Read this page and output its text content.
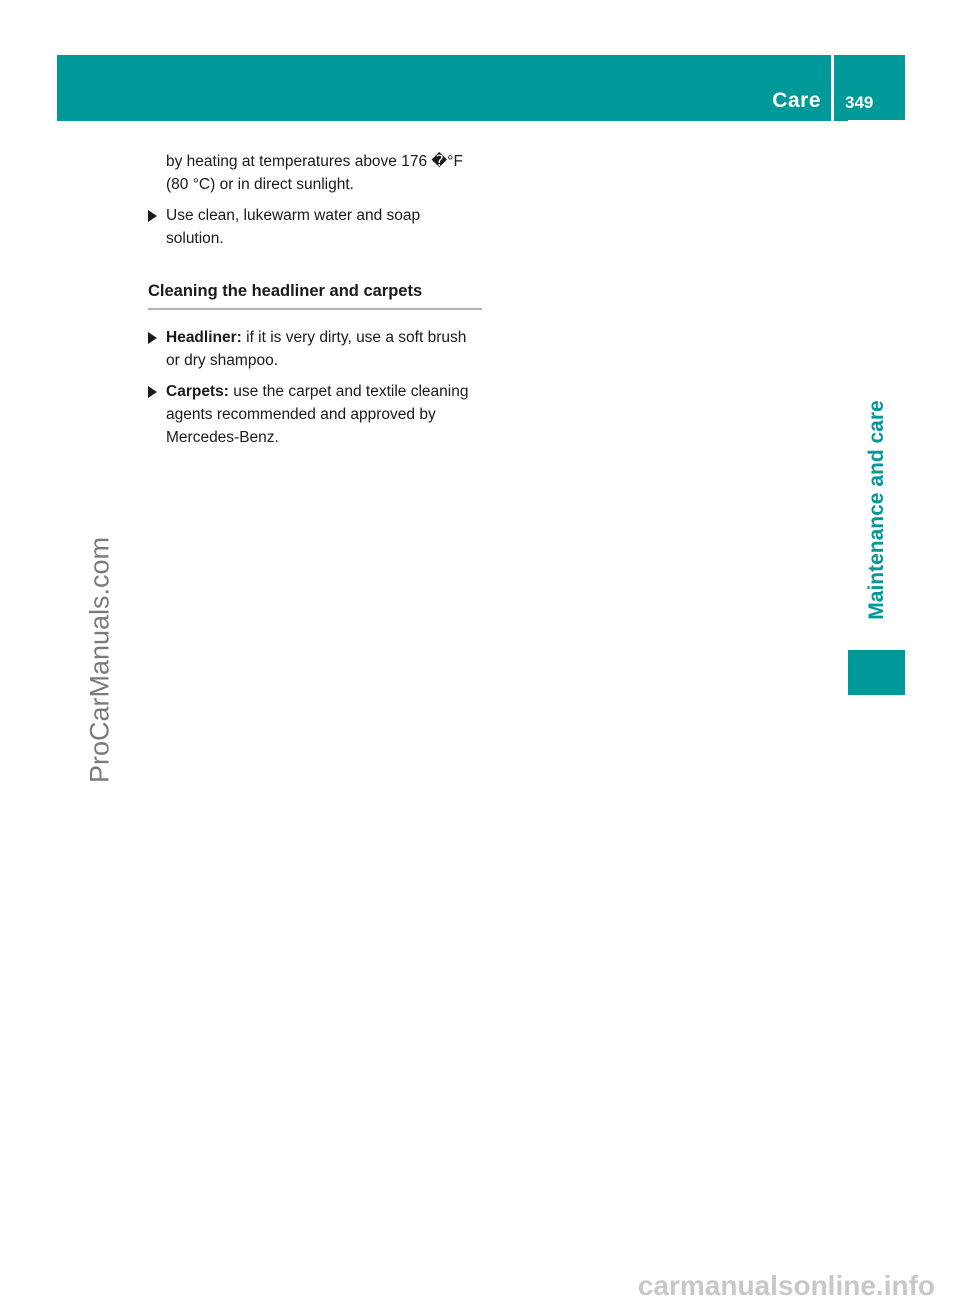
Care 349
Maintenance and care
ProCarManuals.com
by heating at temperatures above 176 �°F
(80 ‌°C) or in direct sunlight.
Use clean, lukewarm water and soap solution.
Cleaning the headliner and carpets
Headliner: if it is very dirty, use a soft brush or dry shampoo.
Carpets: use the carpet and textile cleaning agents recommended and approved by Mercedes-Benz.
carmanualsonline.info
